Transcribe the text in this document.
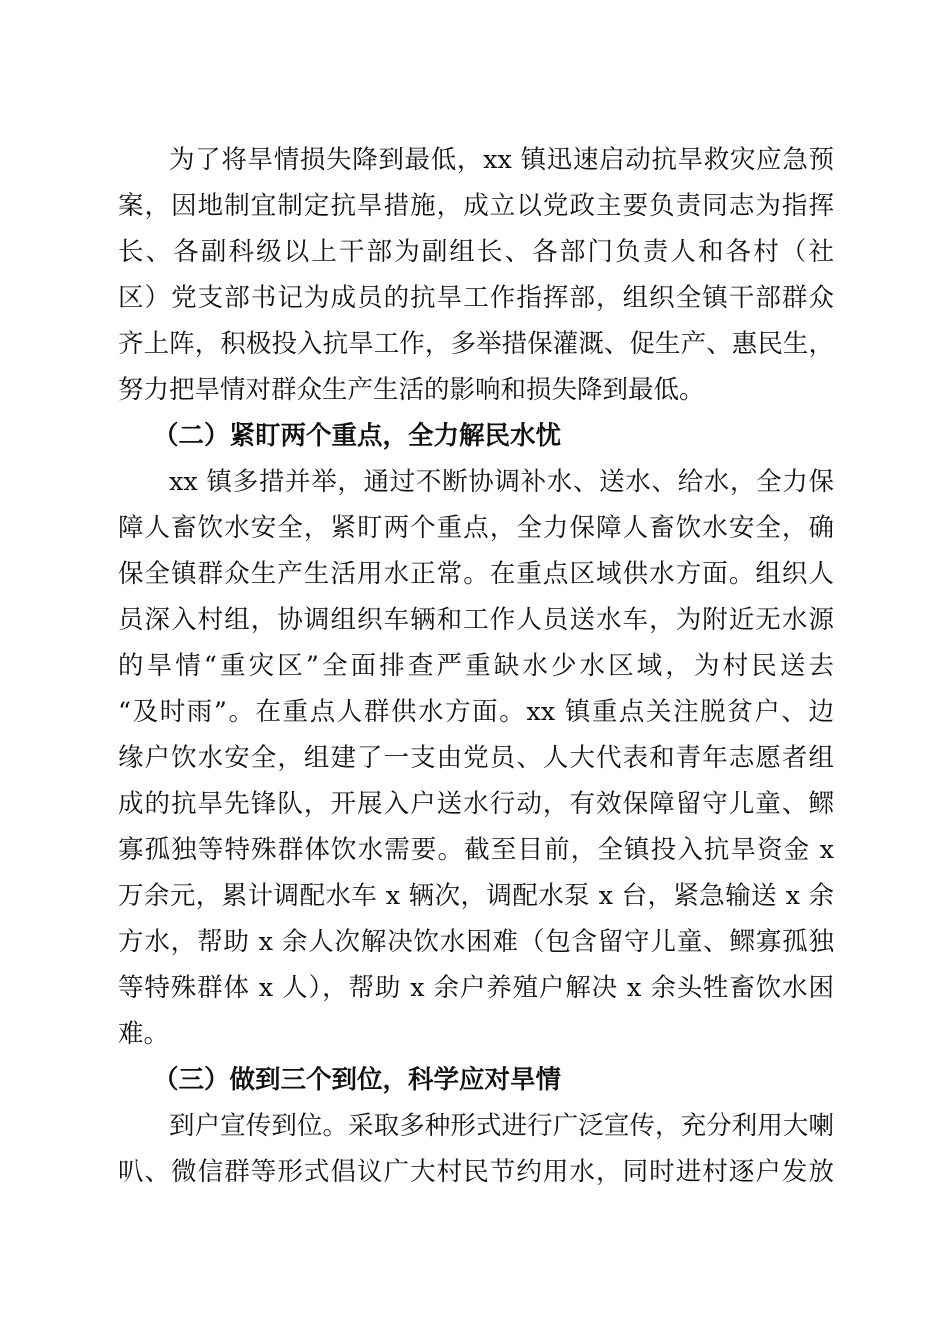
为了将旱情损失降到最低，xx 镇迅速启动抗旱救灾应急预
案，因地制宜制定抗旱措施，成立以党政主要负责同志为指挥
长、各副科级以上干部为副组长、各部门负责人和各村（社
区）党支部书记为成员的抗旱工作指挥部，组织全镇干部群众
齐上阵，积极投入抗旱工作，多举措保灌溉、促生产、惠民生，
努力把旱情对群众生产生活的影响和损失降到最低。
（二）紧盯两个重点，全力解民水忧
xx 镇多措并举，通过不断协调补水、送水、给水，全力保
障人畜饮水安全，紧盯两个重点，全力保障人畜饮水安全，确
保全镇群众生产生活用水正常。在重点区域供水方面。组织人
员深入村组，协调组织车辆和工作人员送水车，为附近无水源
的旱情“重灾区”全面排查严重缺水少水区域，为村民送去
“及时雨”。在重点人群供水方面。xx 镇重点关注脱贫户、边
缘户饮水安全，组建了一支由党员、人大代表和青年志愿者组
成的抗旱先锋队，开展入户送水行动，有效保障留守儿童、鳏
寡孤独等特殊群体饮水需要。截至目前，全镇投入抗旱资金 x
万余元，累计调配水车 x 辆次，调配水泵 x 台，紧急输送 x 余
方水，帮助 x 余人次解决饮水困难（包含留守儿童、鳏寡孤独
等特殊群体 x 人），帮助 x 余户养殖户解决 x 余头牲畜饮水困
难。
（三）做到三个到位，科学应对旱情
到户宣传到位。采取多种形式进行广泛宣传，充分利用大喇
叭、微信群等形式倡议广大村民节约用水，同时进村逐户发放
